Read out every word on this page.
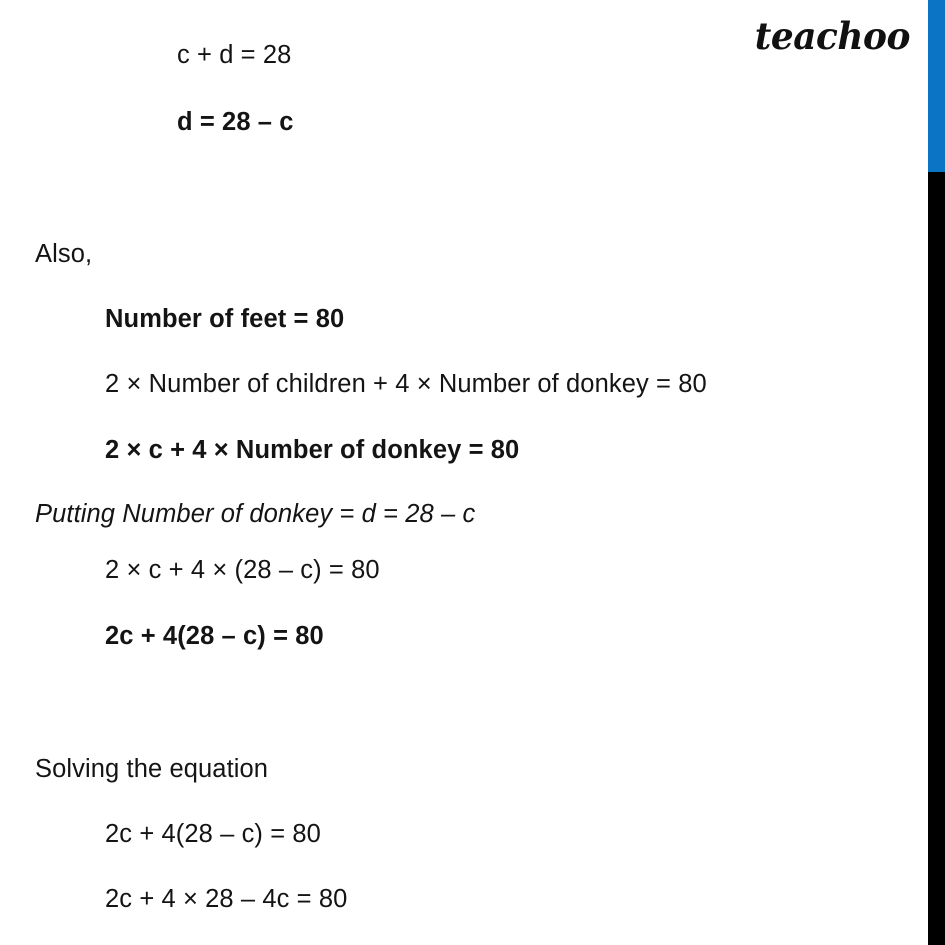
teachoo
c + d = 28
d = 28 – c
Also,
Number of feet = 80
2 × Number of children + 4 × Number of donkey = 80
2 × c + 4 × Number of donkey = 80
Putting Number of donkey = d = 28 – c
2 × c + 4 × (28 – c) = 80
2c + 4(28 – c) = 80
Solving the equation
2c + 4(28 – c) = 80
2c + 4 × 28 – 4c = 80
